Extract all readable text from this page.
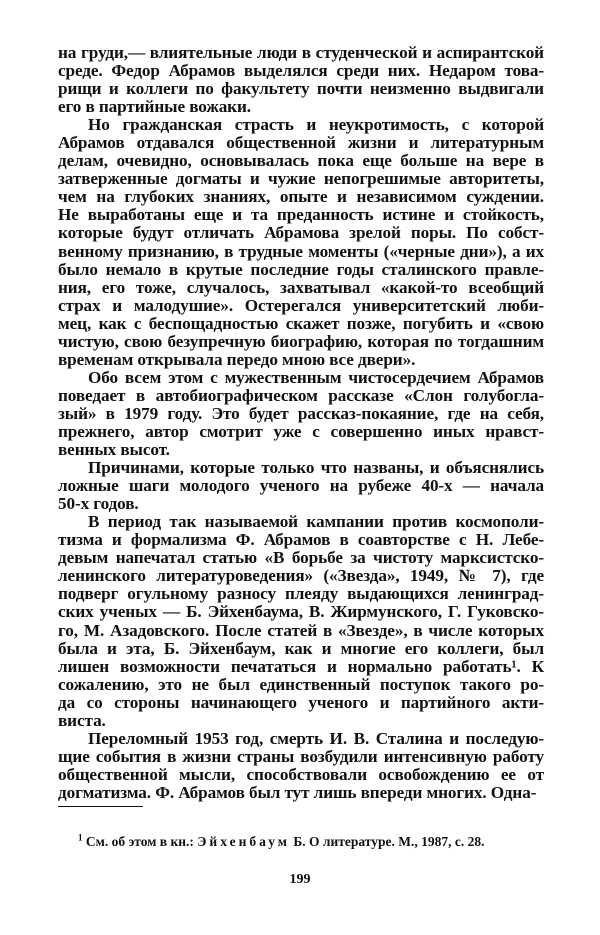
на груди,— влиятельные люди в студенческой и аспирантской
среде. Федор Абрамов выделялся среди них. Недаром това-
рищи и коллеги по факультету почти неизменно выдвигали
его в партийные вожаки.
Но гражданская страсть и неукротимость, с которой
Абрамов отдавался общественной жизни и литературным
делам, очевидно, основывалась пока еще больше на вере в
затверженные догматы и чужие непогрешимые авторитеты,
чем на глубоких знаниях, опыте и независимом суждении.
Не выработаны еще и та преданность истине и стойкость,
которые будут отличать Абрамова зрелой поры. По собст-
венному признанию, в трудные моменты («черные дни»), а их
было немало в крутые последние годы сталинского правле-
ния, его тоже, случалось, захватывал «какой-то всеобщий
страх и малодушие». Остерегался университетский люби-
мец, как с беспощадностью скажет позже, погубить и «свою
чистую, свою безупречную биографию, которая по тогдашним
временам открывала передо мною все двери».
Обо всем этом с мужественным чистосердечием Абрамов
поведает в автобиографическом рассказе «Слон голубогла-
зый» в 1979 году. Это будет рассказ-покаяние, где на себя,
прежнего, автор смотрит уже с совершенно иных нравст-
венных высот.
Причинами, которые только что названы, и объяснялись
ложные шаги молодого ученого на рубеже 40-х — начала
50-х годов.
В период так называемой кампании против космополи-
тизма и формализма Ф. Абрамов в соавторстве с Н. Лебе-
девым напечатал статью «В борьбе за чистоту марксистско-
ленинского литературоведения» («Звезда», 1949, № 7), где
подверг огульному разносу плеяду выдающихся ленинград-
ских ученых — Б. Эйхенбаума, В. Жирмунского, Г. Гуковско-
го, М. Азадовского. После статей в «Звезде», в числе которых
была и эта, Б. Эйхенбаум, как и многие его коллеги, был
лишен возможности печататься и нормально работать¹. К
сожалению, это не был единственный поступок такого ро-
да со стороны начинающего ученого и партийного акти-
виста.
Переломный 1953 год, смерть И. В. Сталина и последую-
щие события в жизни страны возбудили интенсивную работу
общественной мысли, способствовали освобождению ее от
догматизма. Ф. Абрамов был тут лишь впереди многих. Одна-
$^1$ См. об этом в кн.: Эйхенбаум Б. О литературе. М., 1987, с. 28.
199
